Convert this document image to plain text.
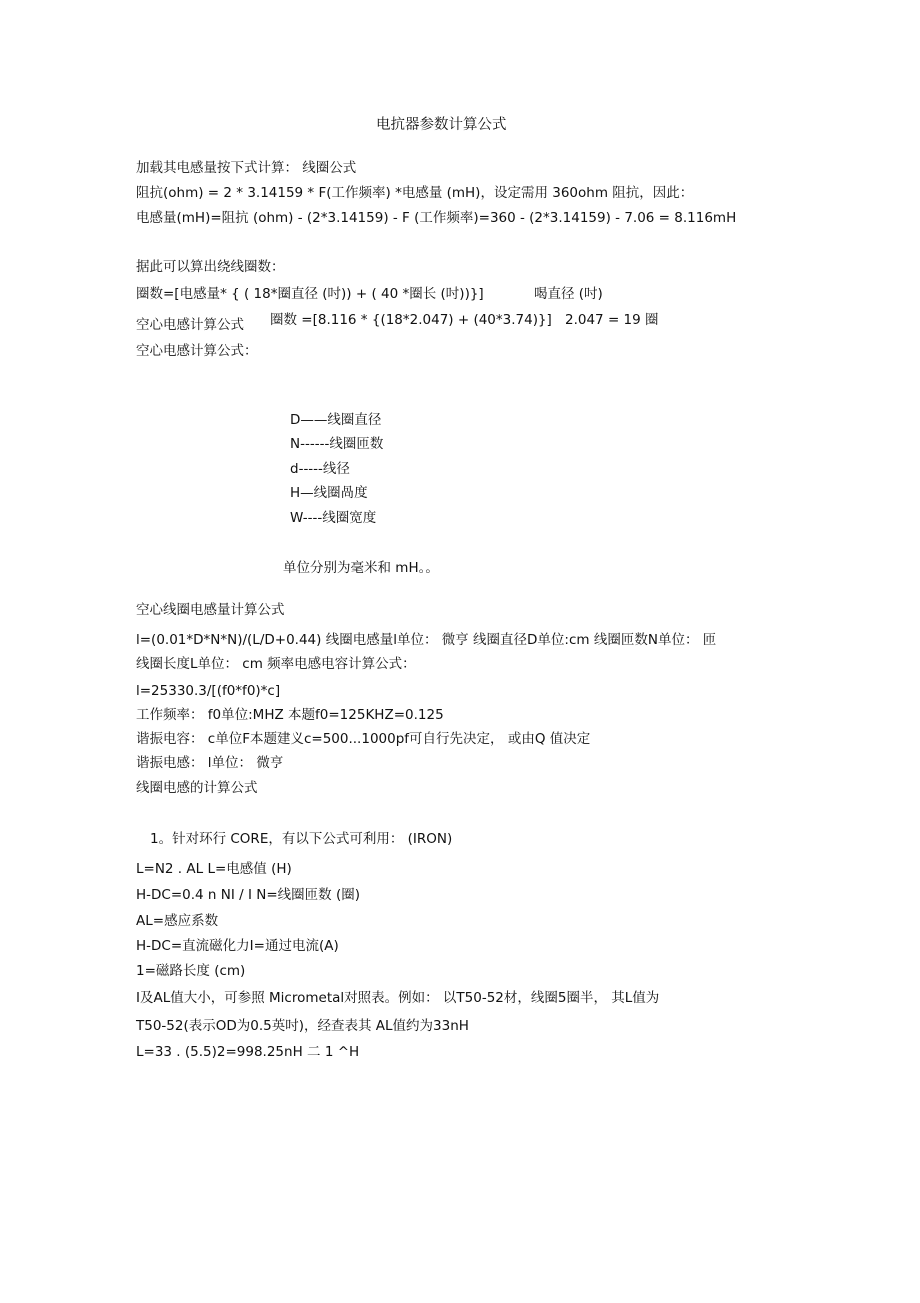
电抗器参数计算公式
加载其电感量按下式计算： 线圈公式
阻抗(ohm) = 2 * 3.14159 * F(工作频率) *电感量 (mH)，设定需用 360ohm 阻抗，因此：
电感量(mH)=阻抗 (ohm) - (2*3.14159) - F (工作频率)=360 - (2*3.14159) - 7.06 = 8.116mH
据此可以算出绕线圈数：
圈数=[电感量* { ( 18*圈直径 (吋)) + ( 40 *圈长 (吋))}]	喝直径 (吋)
空心电感计算公式 圈数 =[8.116 * {(18*2.047) + (40*3.74)}] 2.047 = 19 圈
空心电感计算公式：
D——线圈直径
N------线圈匝数
d-----线径
H—线圈咼度
W----线圈宽度
单位分别为毫米和 mH。。
空心线圈电感量计算公式
l=(0.01*D*N*N)/(L/D+0.44) 线圈电感量l单位： 微亨 线圈直径D单位:cm 线圈匝数N单位： 匝
线圈长度L单位： cm 频率电感电容计算公式：
l=25330.3/[(f0*f0)*c]
工作频率： f0单位:MHZ 本题f0=125KHZ=0.125
谐振电容： c单位F本题建义c=500...1000pf可自行先决定， 或由Q 值决定
谐振电感： l单位： 微亨
线圈电感的计算公式
1。针对环行 CORE，有以下公式可利用： (IRON)
L=N2 . AL L=电感值 (H)
H-DC=0.4 n NI / I N=线圈匝数 (圈)
AL=感应系数
H-DC=直流磁化力I=通过电流(A)
1=磁路长度 (cm)
I及AL值大小，可参照 Micrometal对照表。例如： 以T50-52材，线圈5圈半， 其L值为
T50-52(表示OD为0.5英吋)，经查表其 AL值约为33nH
L=33 . (5.5)2=998.25nH 二 1 ^H
